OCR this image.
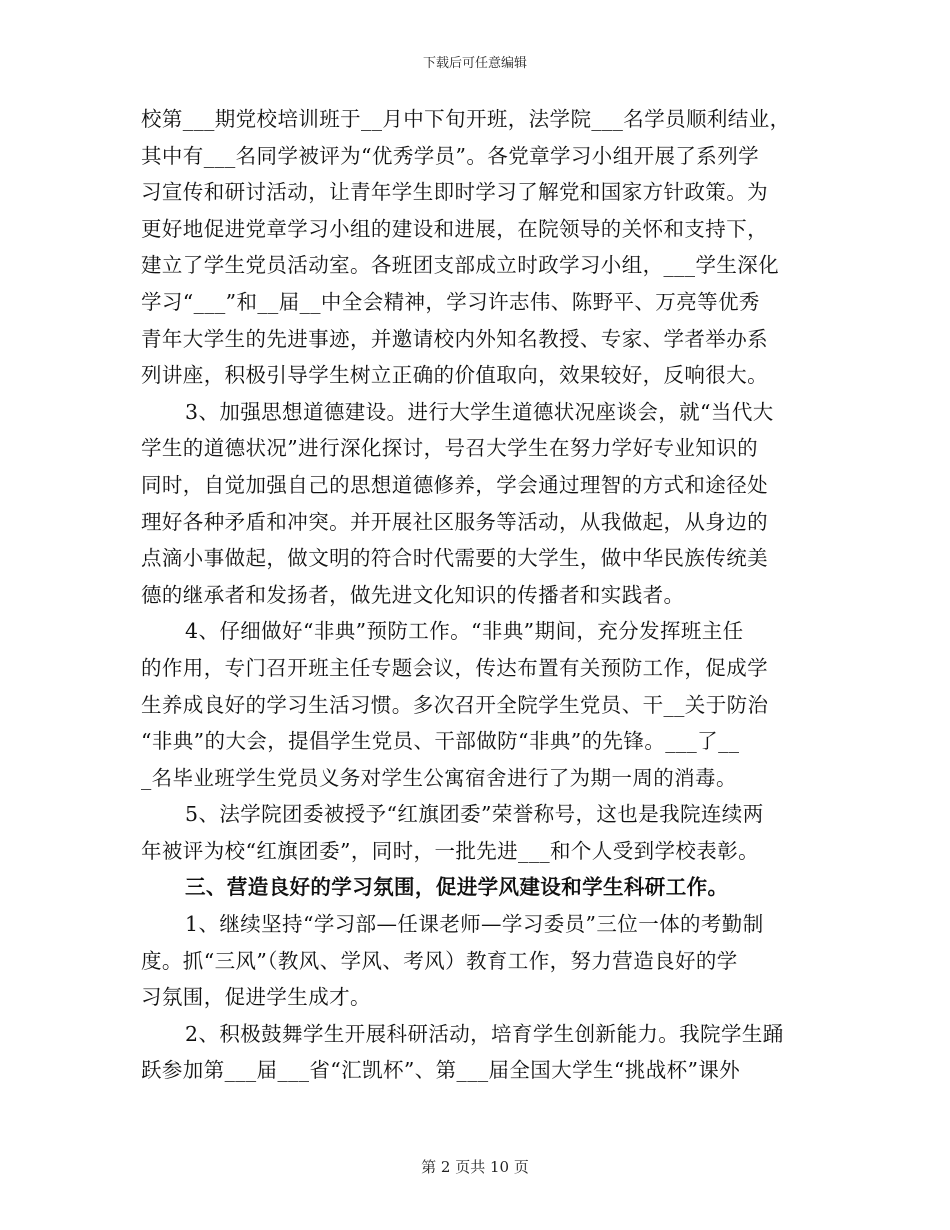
下载后可任意编辑
校第___期党校培训班于__月中下旬开班，法学院___名学员顺利结业，
其中有___名同学被评为“优秀学员”。各党章学习小组开展了系列学
习宣传和研讨活动，让青年学生即时学习了解党和国家方针政策。为
更好地促进党章学习小组的建设和进展，在院领导的关怀和支持下，
建立了学生党员活动室。各班团支部成立时政学习小组，___学生深化
学习“___”和__届__中全会精神，学习许志伟、陈野平、万亮等优秀
青年大学生的先进事迹，并邀请校内外知名教授、专家、学者举办系
列讲座，积极引导学生树立正确的价值取向，效果较好，反响很大。
3、加强思想道德建设。进行大学生道德状况座谈会，就“当代大
学生的道德状况”进行深化探讨，号召大学生在努力学好专业知识的
同时，自觉加强自己的思想道德修养，学会通过理智的方式和途径处
理好各种矛盾和冲突。并开展社区服务等活动，从我做起，从身边的
点滴小事做起，做文明的符合时代需要的大学生，做中华民族传统美
德的继承者和发扬者，做先进文化知识的传播者和实践者。
4、仔细做好“非典”预防工作。“非典”期间，充分发挥班主任
的作用，专门召开班主任专题会议，传达布置有关预防工作，促成学
生养成良好的学习生活习惯。多次召开全院学生党员、干__关于防治
“非典”的大会，提倡学生党员、干部做防“非典”的先锋。___了__
_名毕业班学生党员义务对学生公寓宿舍进行了为期一周的消毒。
5、法学院团委被授予“红旗团委”荣誉称号，这也是我院连续两
年被评为校“红旗团委”，同时，一批先进___和个人受到学校表彰。
三、营造良好的学习氛围，促进学风建设和学生科研工作。
1、继续坚持“学习部—任课老师—学习委员”三位一体的考勤制
度。抓“三风”（教风、学风、考风）教育工作，努力营造良好的学
习氛围，促进学生成才。
2、积极鼓舞学生开展科研活动，培育学生创新能力。我院学生踊
跃参加第___届___省“汇凯杯”、第___届全国大学生“挑战杯”课外
第 2 页共 10 页
